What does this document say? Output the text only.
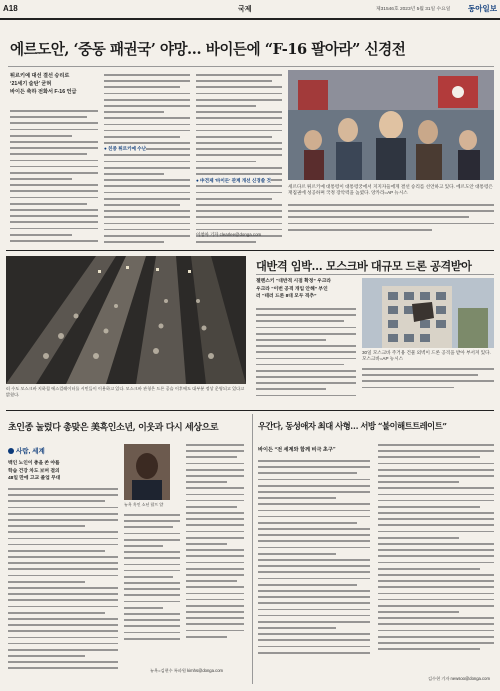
A18	국제	제31546호 2023년 5월 31일 수요일 동아일보
에르도안, ‘중동 패권국’ 야망… 바이든에 “F-16 팔아라” 신경전
튀르키예 대선 결선 승리로
‘21세기 술탄’ 굳혀
바이든 축하 전화서 F-16 언급
● 친중 튀르키예 수난
● 中견제 '바이든' 관계 개선 신경쓸 것
세르다르 튀르키예 대통령이 대통령궁에서 지지자들에게 결선 승리를 선언하고 있다. 에르도안 대통령은 재집권에 성공하며 국정 장악력을 높였다. 앙카라=AP 뉴시스
이청아 기자 clearlee@donga.com
대반격 임박… 모스크바 대규모 드론 공격받아
젤렌스키 “대반격 시점 확정” 우크라
우크라 “이번 공격 개입 안해” 부인
러 “테러 드론 8대 모두 격추”
30일 모스크바 주거용 건물 외벽이 드론 공격을 받아 부서져 있다. 모스크바=AP 뉴시스
러 수도 모스크바 지하철 에스컬레이터를 시민들이 이용하고 있다. 모스크바 관청은 드론 공습 이후에도 대부분 정상 운영되고 있다고 밝혔다.
초인종 눌렀다 총맞은 美흑인소년, 이웃과 다시 세상으로
사람, 세계
백인 노인이 총을 쏜 야를
학습 건강 차도 보며 결의
48일 만에 고교 졸업 무대
뉴욕 흑인 소년 랄프 얄
뉴욕=김현수 특파원 kimhs@donga.com
우간다, 동성애자 최대 사형… 서방 “불이해트트레이트”
바이든 “전 세계와 함께 비극 초구”
김수현 기자 newsoo@donga.com
